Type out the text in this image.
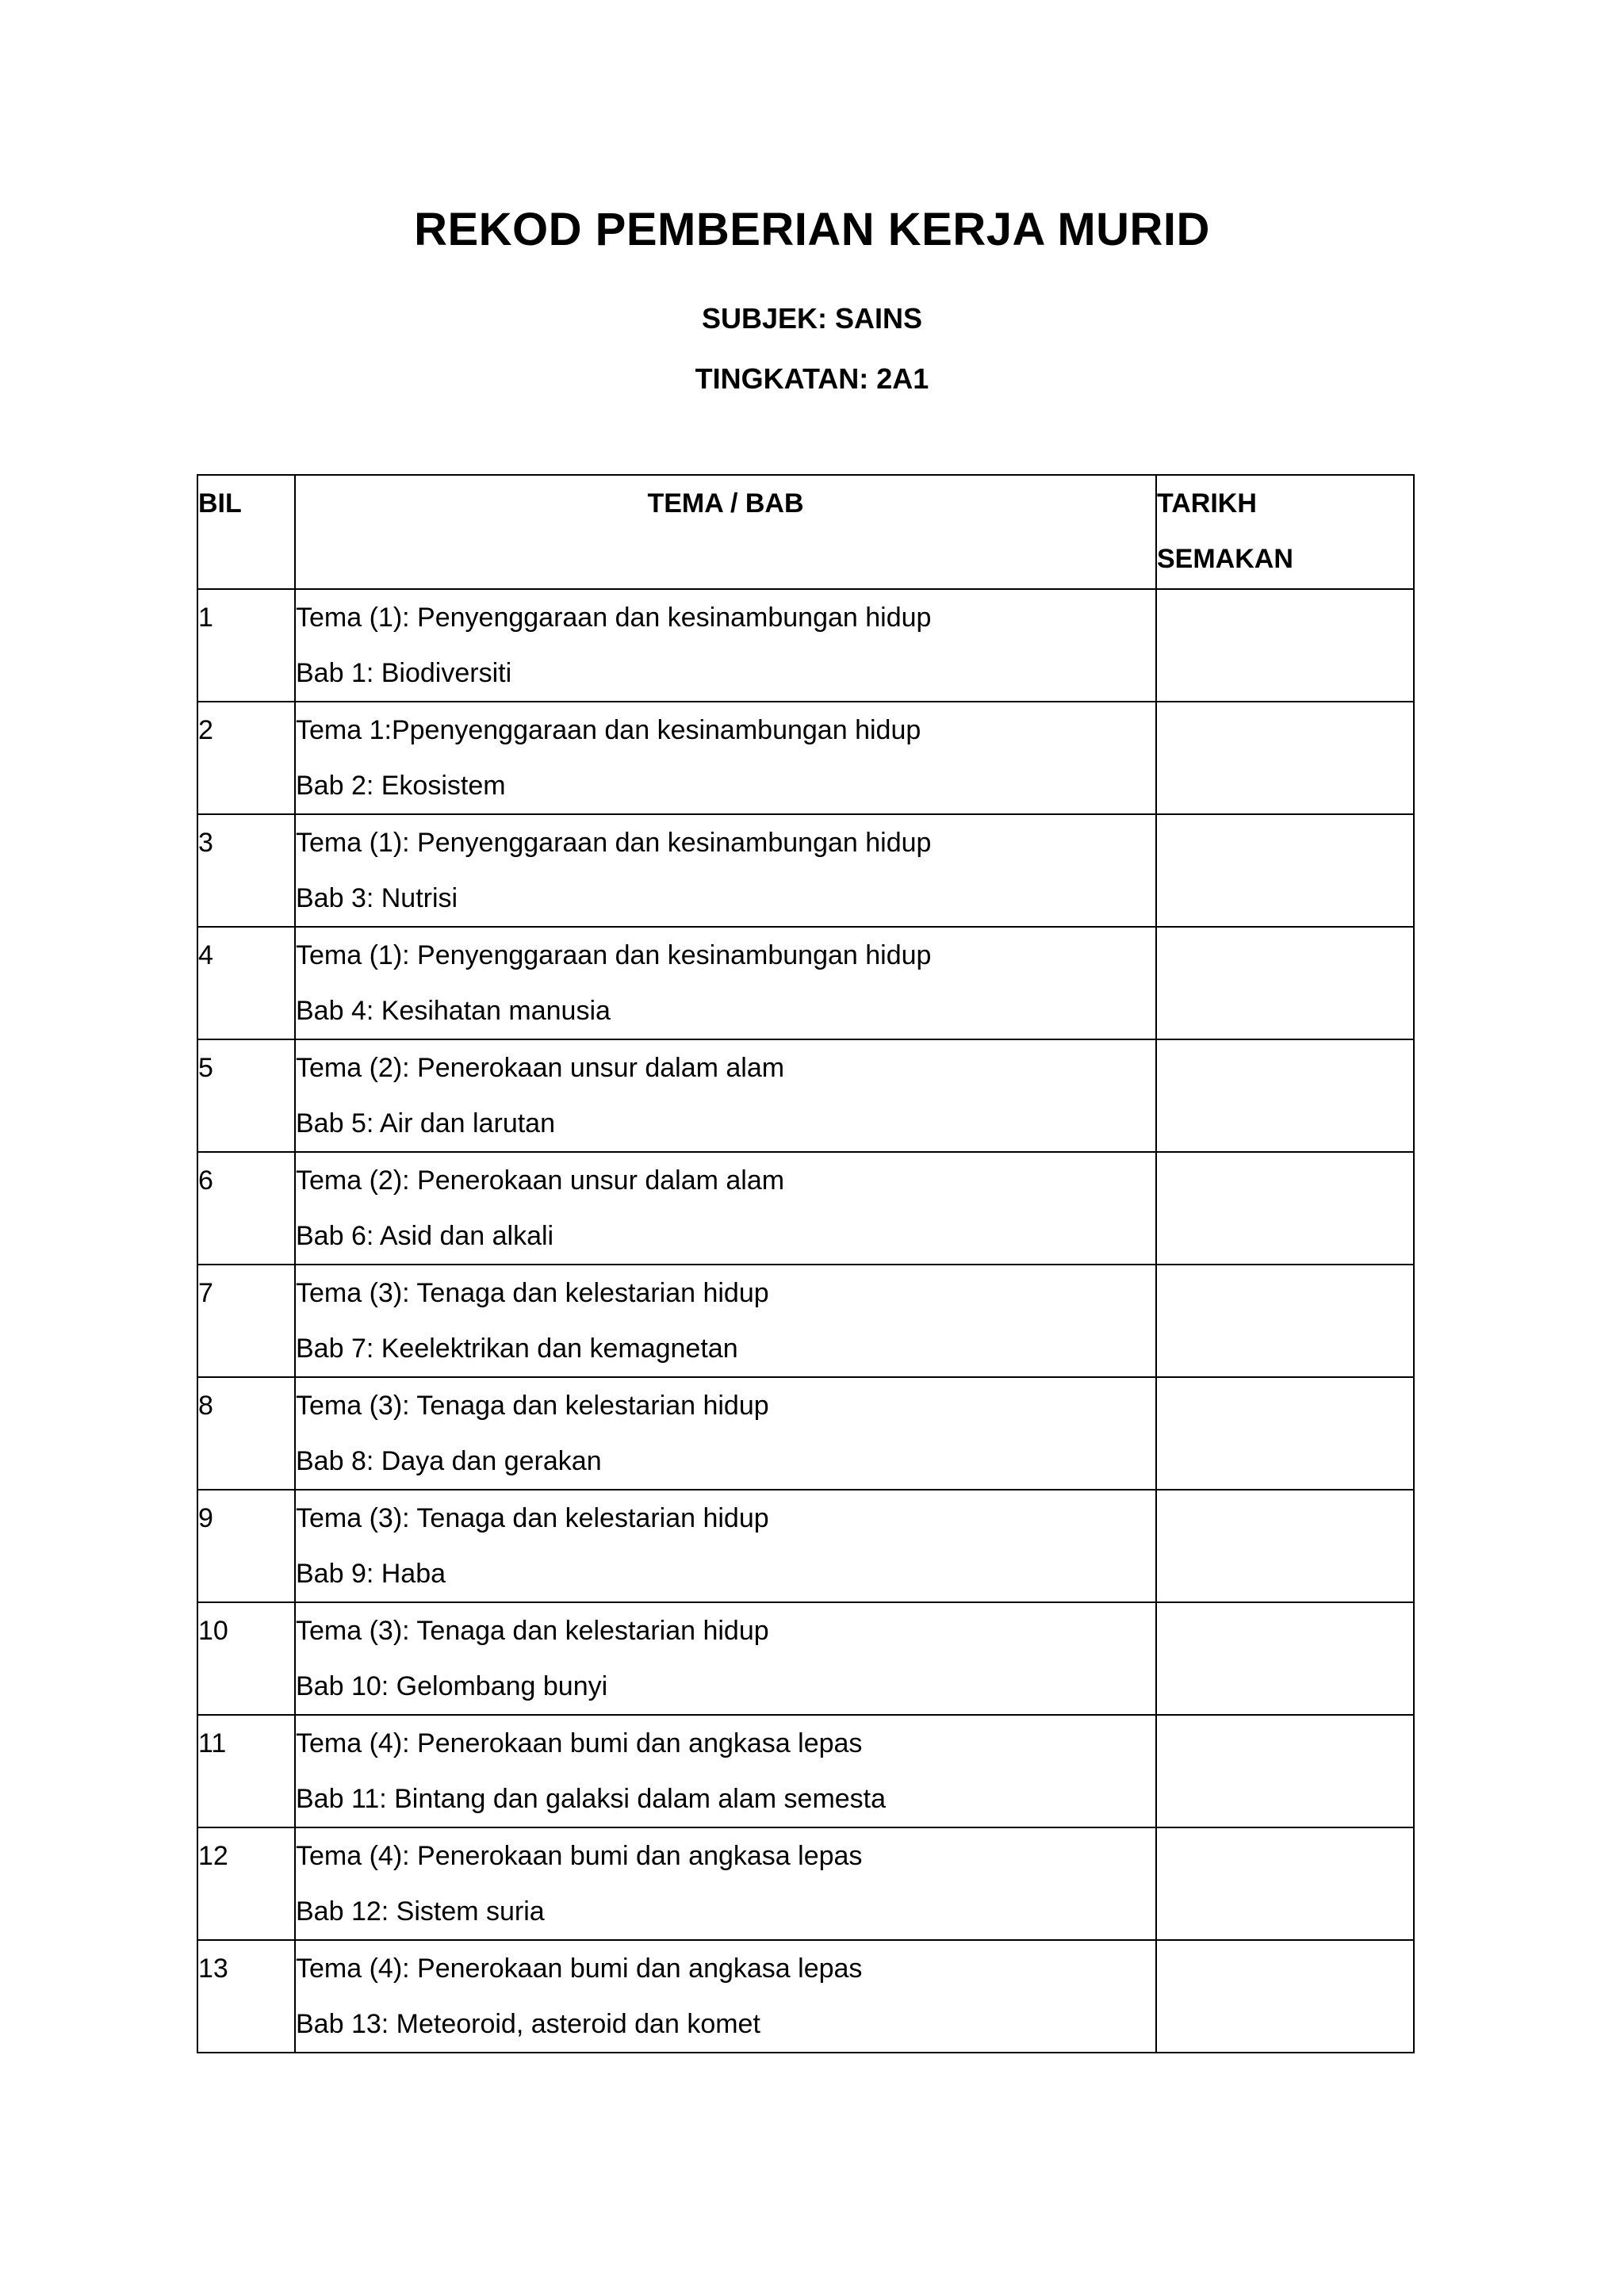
REKOD PEMBERIAN KERJA MURID
SUBJEK: SAINS
TINGKATAN: 2A1
BIL	TEMA / BAB	TARIKH
SEMAKAN

1	Tema (1): Penyenggaraan dan kesinambungan hidup
Bab 1: Biodiversiti	

2	Tema 1:Ppenyenggaraan dan kesinambungan hidup
Bab 2: Ekosistem	

3	Tema (1): Penyenggaraan dan kesinambungan hidup
Bab 3: Nutrisi	

4	Tema (1): Penyenggaraan dan kesinambungan hidup
Bab 4: Kesihatan manusia	

5	Tema (2): Penerokaan unsur dalam alam
Bab 5: Air dan larutan	

6	Tema (2): Penerokaan unsur dalam alam
Bab 6: Asid dan alkali	

7	Tema (3): Tenaga dan kelestarian hidup
Bab 7: Keelektrikan dan kemagnetan	

8	Tema (3): Tenaga dan kelestarian hidup
Bab 8: Daya dan gerakan	

9	Tema (3): Tenaga dan kelestarian hidup
Bab 9: Haba	

10	Tema (3): Tenaga dan kelestarian hidup
Bab 10: Gelombang bunyi	

11	Tema (4): Penerokaan bumi dan angkasa lepas
Bab 11: Bintang dan galaksi dalam alam semesta	

12	Tema (4): Penerokaan bumi dan angkasa lepas
Bab 12: Sistem suria	

13	Tema (4): Penerokaan bumi dan angkasa lepas
Bab 13: Meteoroid, asteroid dan komet	
